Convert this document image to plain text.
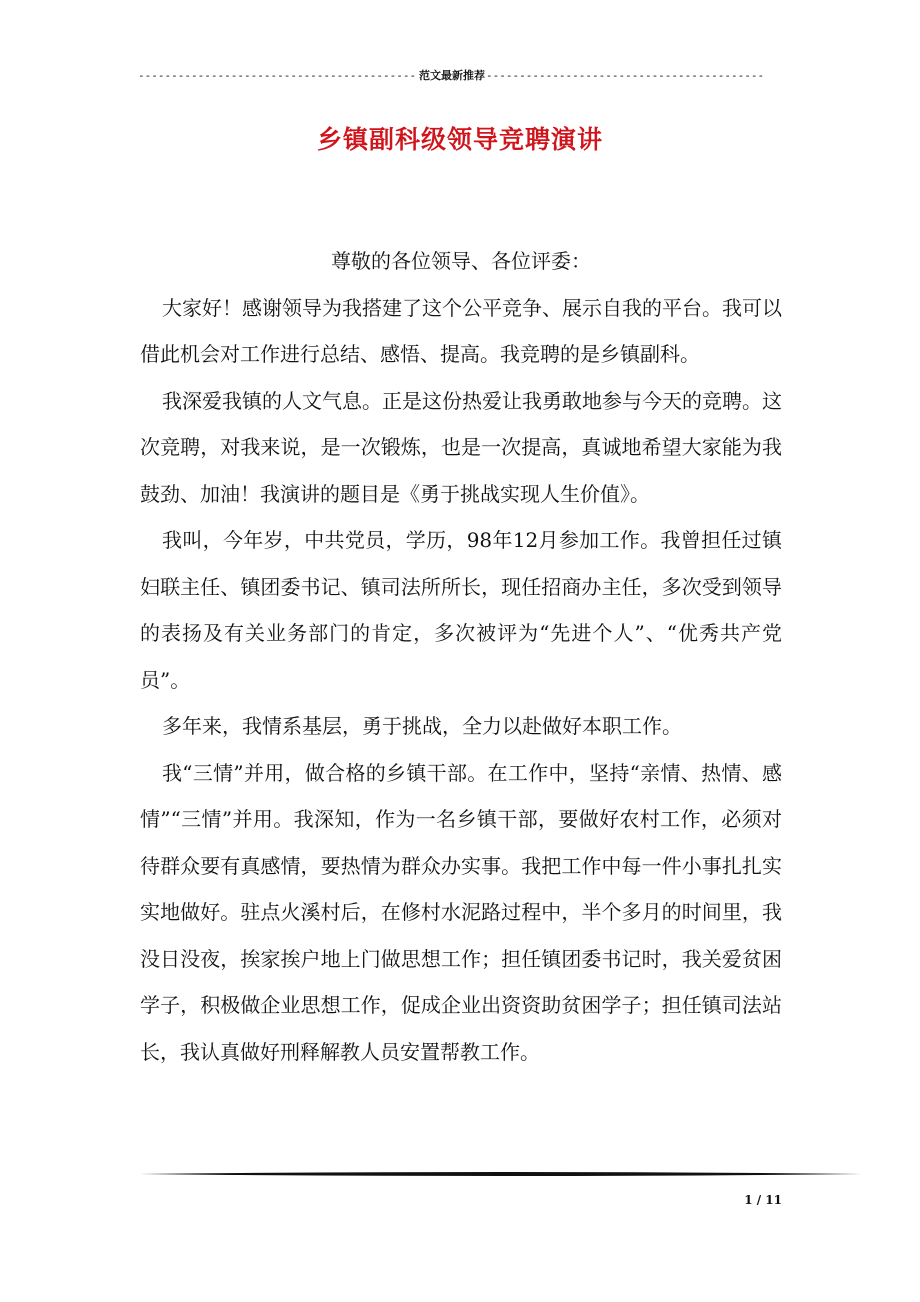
-----
范文最新推荐
-----
乡镇副科级领导竞聘演讲

尊敬的各位领导、各位评委：

大家好！感谢领导为我搭建了这个公平竞争、展示自我的平台。我可以借此机会对工作进行总结、感悟、提高。我竞聘的是乡镇副科。

我深爱我镇的人文气息。正是这份热爱让我勇敢地参与今天的竞聘。这次竞聘，对我来说，是一次锻炼，也是一次提高，真诚地希望大家能为我鼓劲、加油！我演讲的题目是《勇于挑战实现人生价值》。

我叫，今年岁，中共党员，学历，98年12月参加工作。我曾担任过镇妇联主任、镇团委书记、镇司法所所长，现任招商办主任，多次受到领导的表扬及有关业务部门的肯定，多次被评为“先进个人”、“优秀共产党员”。

多年来，我情系基层，勇于挑战，全力以赴做好本职工作。

我“三情”并用，做合格的乡镇干部。在工作中，坚持“亲情、热情、感情”“三情”并用。我深知，作为一名乡镇干部，要做好农村工作，必须对待群众要有真感情，要热情为群众办实事。我把工作中每一件小事扎扎实实地做好。驻点火溪村后，在修村水泥路过程中，半个多月的时间里，我没日没夜，挨家挨户地上门做思想工作；担任镇团委书记时，我关爱贫困学子，积极做企业思想工作，促成企业出资资助贫困学子；担任镇司法站长，我认真做好刑释解教人员安置帮教工作。

1 / 11
